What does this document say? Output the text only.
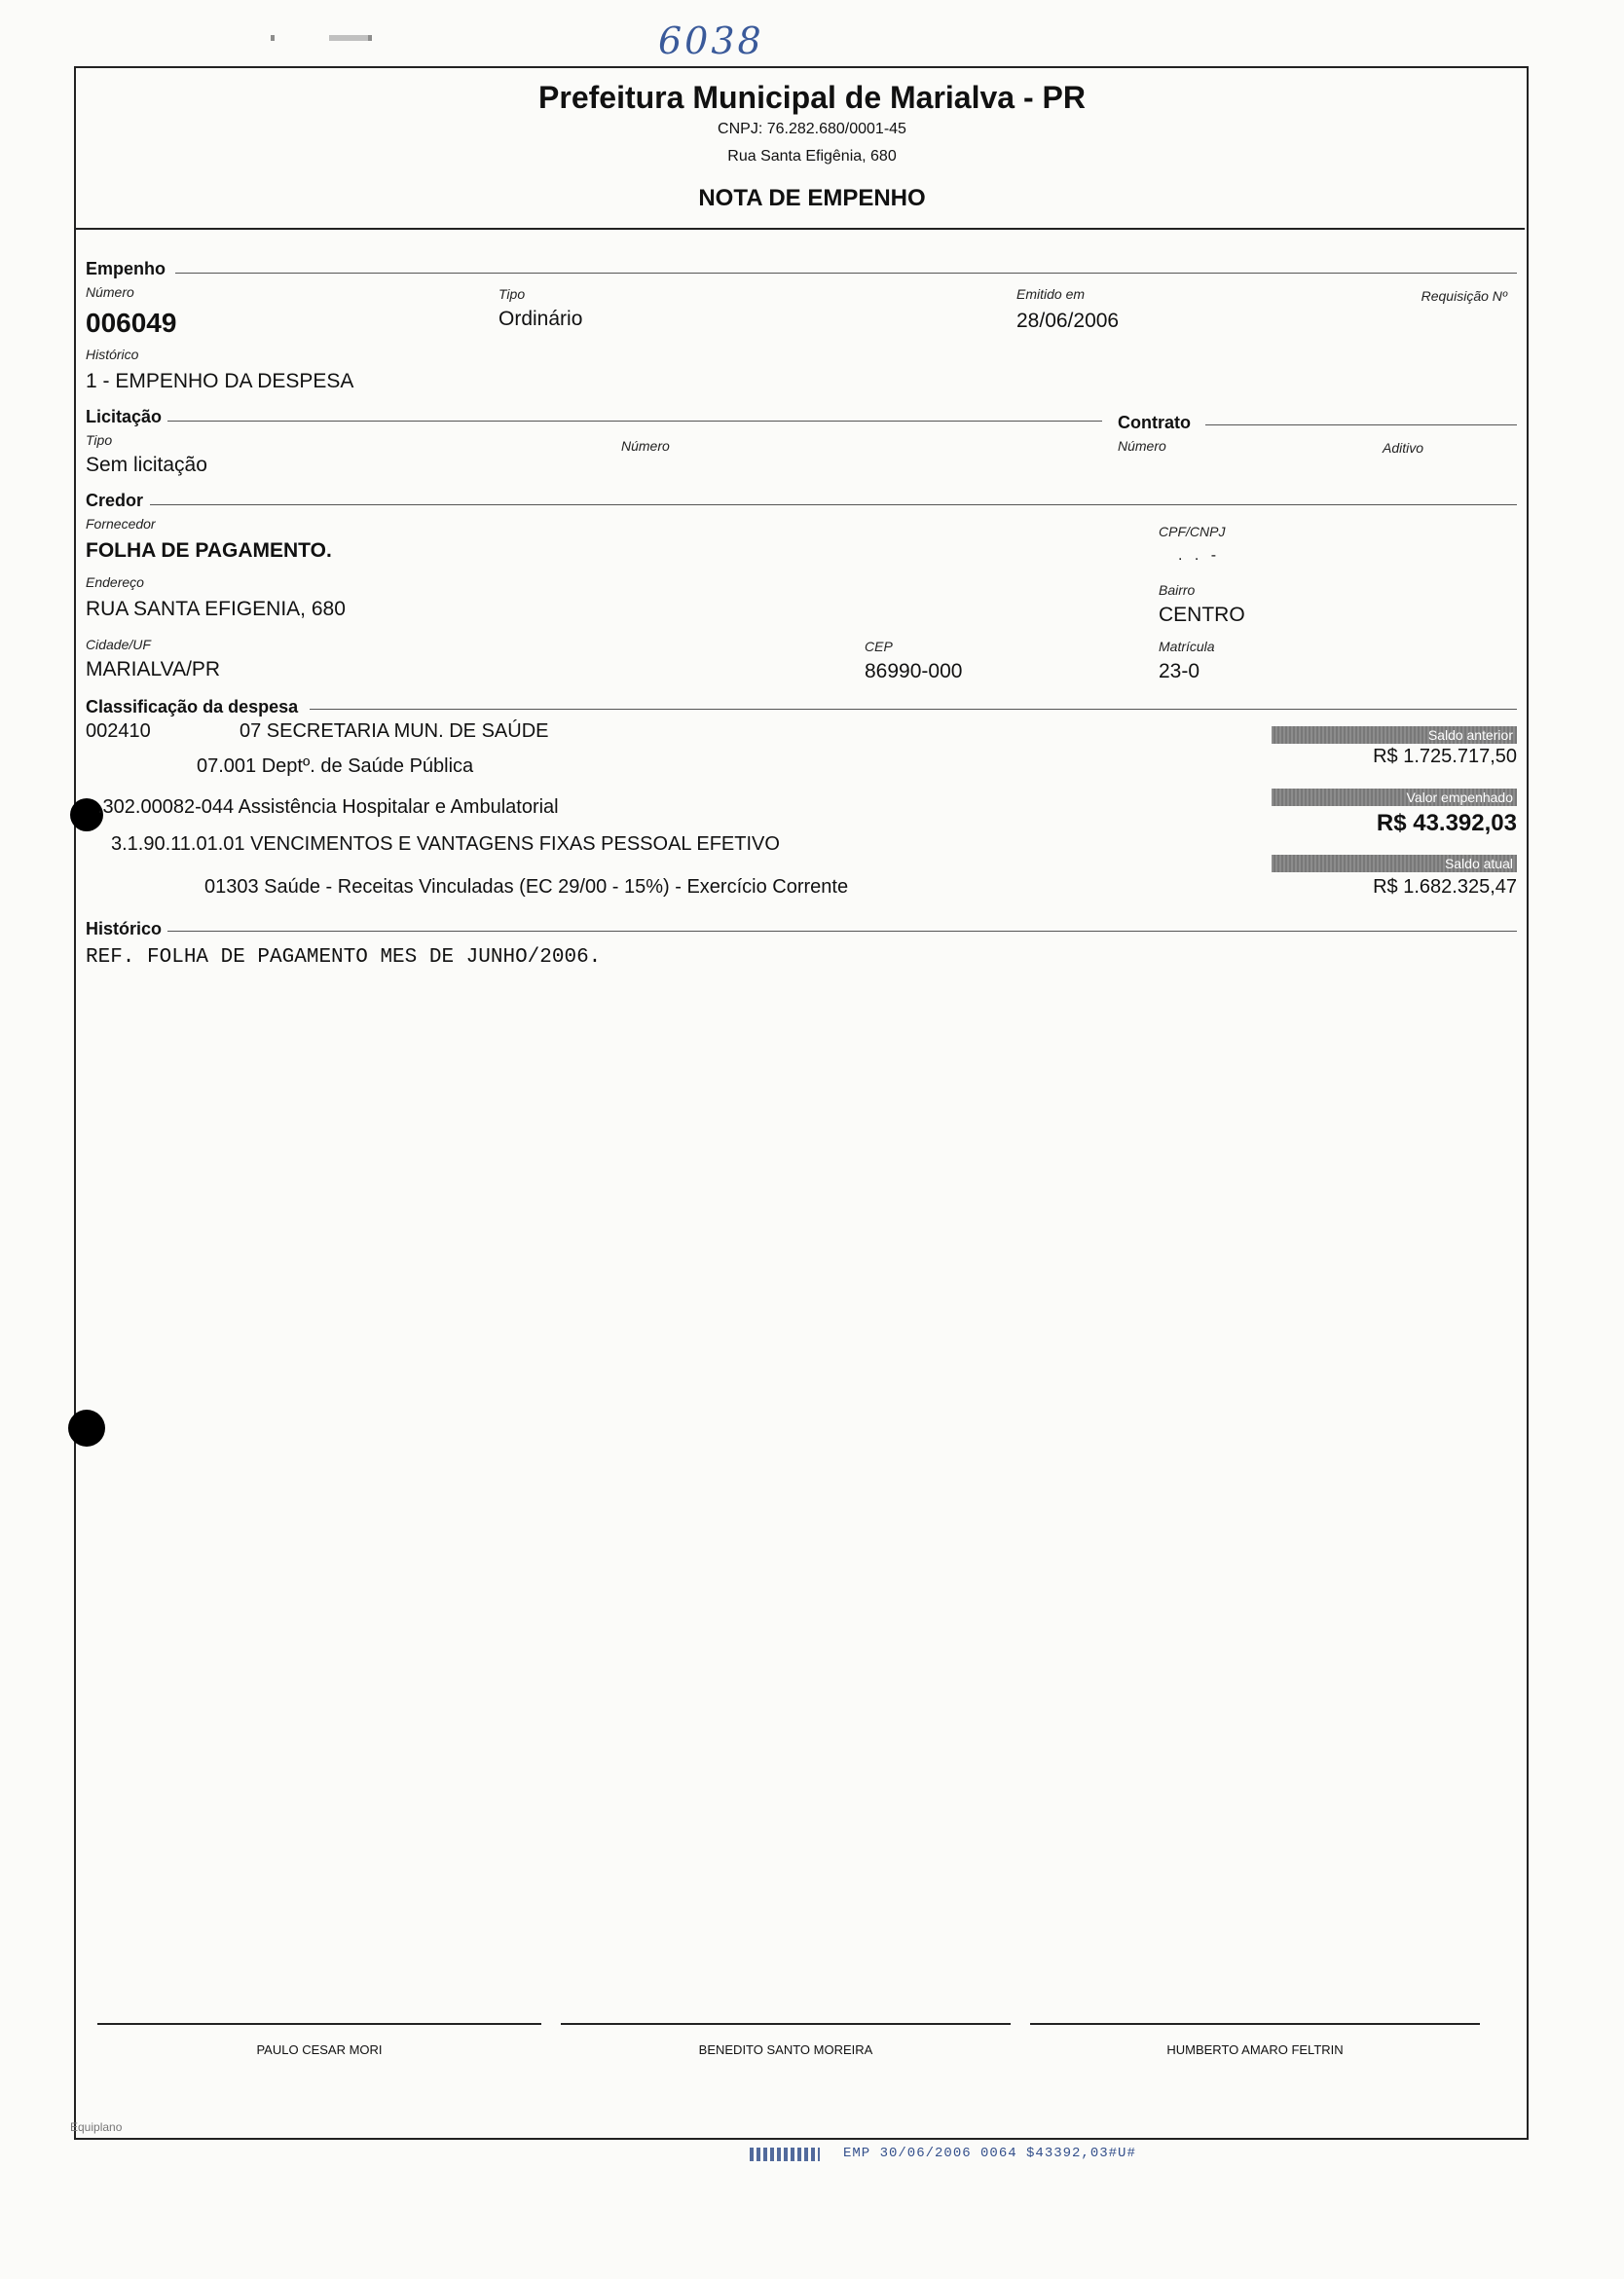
6038
Prefeitura Municipal de Marialva - PR
CNPJ: 76.282.680/0001-45
Rua Santa Efigênia, 680
NOTA DE EMPENHO
Empenho
Número
006049
Tipo
Ordinário
Emitido em
28/06/2006
Requisição Nº
Histórico
1 - EMPENHO DA DESPESA
Licitação
Tipo
Sem licitação
Número
Contrato
Número	Aditivo
Credor
Fornecedor
FOLHA DE PAGAMENTO.
CPF/CNPJ
. . -
Endereço
RUA SANTA EFIGENIA, 680
Bairro
CENTRO
Cidade/UF
MARIALVA/PR
CEP
86990-000
Matrícula
23-0
Classificação da despesa
002410	07 SECRETARIA MUN. DE SAÚDE
07.001 Deptº. de Saúde Pública
.302.00082-044 Assistência Hospitalar e Ambulatorial
3.1.90.11.01.01 VENCIMENTOS E VANTAGENS FIXAS PESSOAL EFETIVO
01303 Saúde - Receitas Vinculadas (EC 29/00 - 15%) - Exercício Corrente
Saldo anterior
R$ 1.725.717,50
Valor empenhado
R$ 43.392,03
Saldo atual
R$ 1.682.325,47
Histórico
REF. FOLHA DE PAGAMENTO MES DE JUNHO/2006.
PAULO CESAR MORI	BENEDITO SANTO MOREIRA	HUMBERTO AMARO FELTRIN
Equiplano
EMP 30/06/2006 0064 $43392,03#U#
